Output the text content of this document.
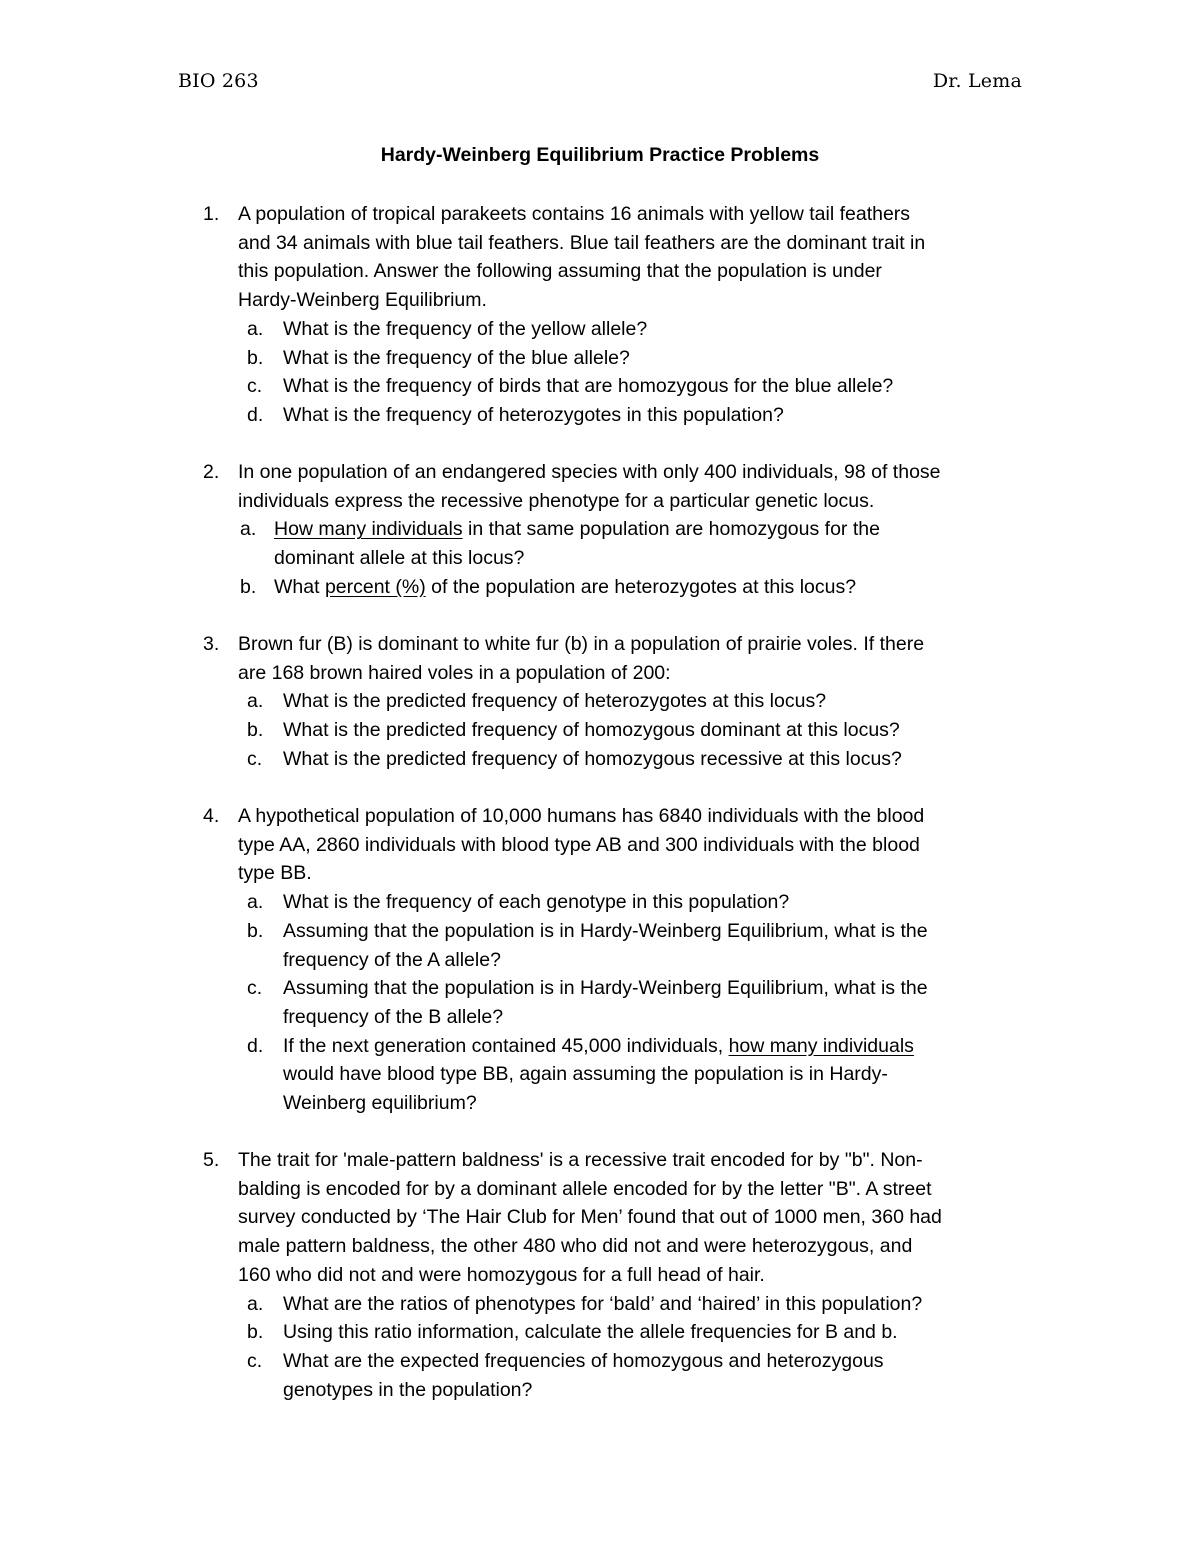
BIO 263	Dr. Lema
Hardy-Weinberg Equilibrium Practice Problems
1. A population of tropical parakeets contains 16 animals with yellow tail feathers
and 34 animals with blue tail feathers. Blue tail feathers are the dominant trait in
this population. Answer the following assuming that the population is under
Hardy-Weinberg Equilibrium.
a. What is the frequency of the yellow allele?
b. What is the frequency of the blue allele?
c. What is the frequency of birds that are homozygous for the blue allele?
d. What is the frequency of heterozygotes in this population?
2. In one population of an endangered species with only 400 individuals, 98 of those
individuals express the recessive phenotype for a particular genetic locus.
a. How many individuals in that same population are homozygous for the
dominant allele at this locus?
b. What percent (%) of the population are heterozygotes at this locus?
3. Brown fur (B) is dominant to white fur (b) in a population of prairie voles. If there
are 168 brown haired voles in a population of 200:
a. What is the predicted frequency of heterozygotes at this locus?
b. What is the predicted frequency of homozygous dominant at this locus?
c. What is the predicted frequency of homozygous recessive at this locus?
4. A hypothetical population of 10,000 humans has 6840 individuals with the blood
type AA, 2860 individuals with blood type AB and 300 individuals with the blood
type BB.
a. What is the frequency of each genotype in this population?
b. Assuming that the population is in Hardy-Weinberg Equilibrium, what is the
frequency of the A allele?
c. Assuming that the population is in Hardy-Weinberg Equilibrium, what is the
frequency of the B allele?
d. If the next generation contained 45,000 individuals, how many individuals
would have blood type BB, again assuming the population is in Hardy-
Weinberg equilibrium?
5. The trait for 'male-pattern baldness' is a recessive trait encoded for by "b". Non-
balding is encoded for by a dominant allele encoded for by the letter "B". A street
survey conducted by ‘The Hair Club for Men’ found that out of 1000 men, 360 had
male pattern baldness, the other 480 who did not and were heterozygous, and
160 who did not and were homozygous for a full head of hair.
a. What are the ratios of phenotypes for ‘bald’ and ‘haired’ in this population?
b. Using this ratio information, calculate the allele frequencies for B and b.
c. What are the expected frequencies of homozygous and heterozygous
genotypes in the population?
